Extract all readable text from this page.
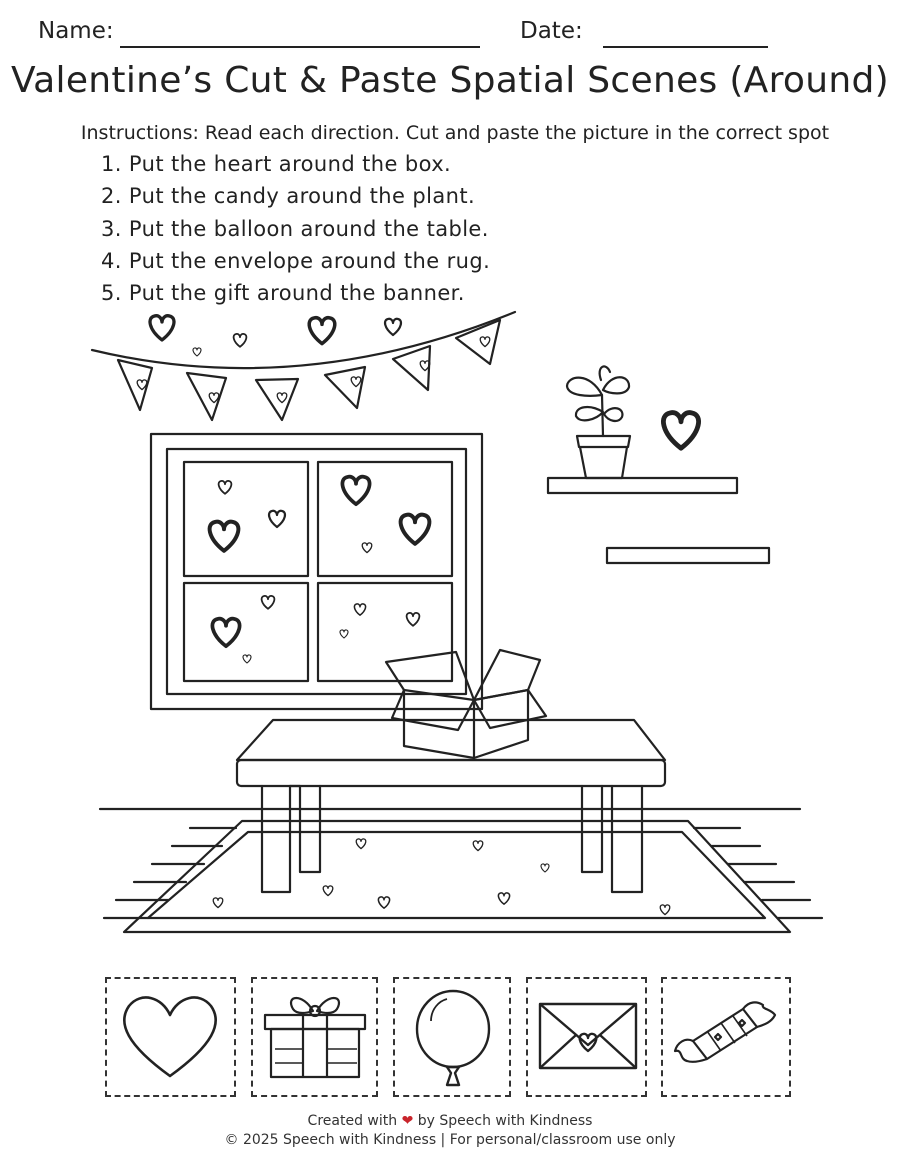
Name:	Date:
Valentine’s Cut & Paste Spatial Scenes (Around)
Instructions: Read each direction. Cut and paste the picture in the correct spot
1. Put the heart around the box.
2. Put the candy around the plant.
3. Put the balloon around the table.
4. Put the envelope around the rug.
5. Put the gift around the banner.
Created with ❤ by Speech with Kindness
© 2025 Speech with Kindness | For personal/classroom use only
